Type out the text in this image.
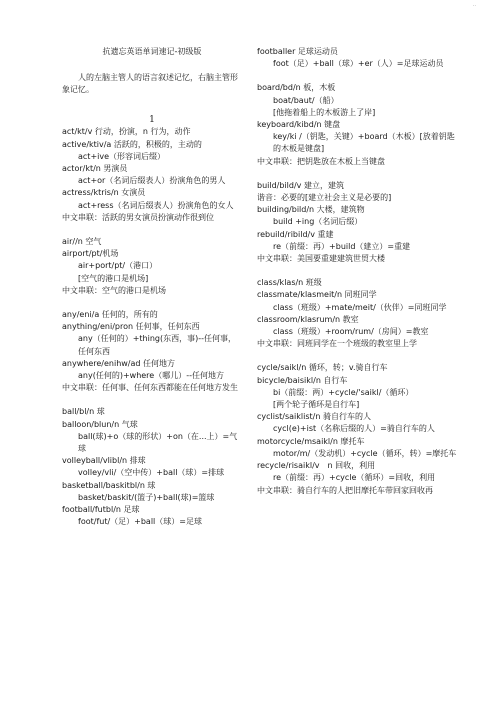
··

抗遗忘英语单词速记-初级版

人的左脑主管人的语言叙述记忆，右脑主管形象记忆。

1

act/kt/v 行动，扮演，n 行为，动作

active/ktiv/a 活跃的，积极的，主动的

act+ive（形容词后缀）

actor/kt/n 男演员

act+or（名词后缀表人）扮演角色的男人

actress/ktris/n 女演员

act+ress（名词后缀表人）扮演角色的女人

中文串联：活跃的男女演员扮演动作很到位

air//n 空气

airport/pt/机场

air+port/pt/（港口）

[空气的港口是机场]

中文串联：空气的港口是机场

any/eni/a 任何的，所有的

anything/eni/pron 任何事，任何东西

any（任何的）+thing(东西，事)--任何事，任何东西

anywhere/enihw/ad 任何地方

any(任何的)+where（哪儿）--任何地方

中文串联：任何事、任何东西都能在任何地方发生

ball/bl/n 球

balloon/blun/n 气球

ball(球)+o（球的形状）+on（在...上）=气球

volleyball/vlibl/n 排球

volley/vli/（空中传）+ball（球）=排球

basketball/baskitbl/n 球

basket/baskit/(篮子)+ball(球)=篮球

football/futbl/n 足球

foot/fut/（足）+ball（球）=足球

footballer 足球运动员

foot（足）+ball（球）+er（人）=足球运动员

board/bd/n 板，木板

boat/baut/（船）

[他拖着船上的木板游上了岸]

keyboard/kibd/n 键盘

key/ki /（钥匙，关键）+board（木板）[放着钥匙的木板是键盘]

中文串联：把钥匙放在木板上当键盘

build/bild/v 建立，建筑

谐音：必要的[建立社会主义是必要的]

building/bild/n 大楼，建筑物

build +ing（名词后缀）

rebuild/ribild/v 重建

re（前缀：再）+build（建立）=重建

中文串联：美国要重建建筑世贸大楼

class/klas/n 班级

classmate/klasmeit/n 同班同学

class（班级）+mate/meit/（伙伴）=同班同学

classroom/klasrum/n 教室

class（班级）+room/rum/（房间）=教室

中文串联：同班同学在一个班级的教室里上学

cycle/saikl/n 循环，转；v.骑自行车

bicycle/baisikl/n 自行车

bi（前缀：两）+cycle/'saikl/（循环）

[两个轮子循环是自行车]

cyclist/saiklist/n 骑自行车的人

cycl(e)+ist（名称后缀的人）=骑自行车的人

motorcycle/msaikl/n 摩托车

motor/m/（发动机）+cycle（循环，转）=摩托车

recycle/risaikl/v　n 回收，利用

re（前缀：再）+cycle（循环）=回收，利用

中文串联：骑自行车的人把旧摩托车带回家回收再
